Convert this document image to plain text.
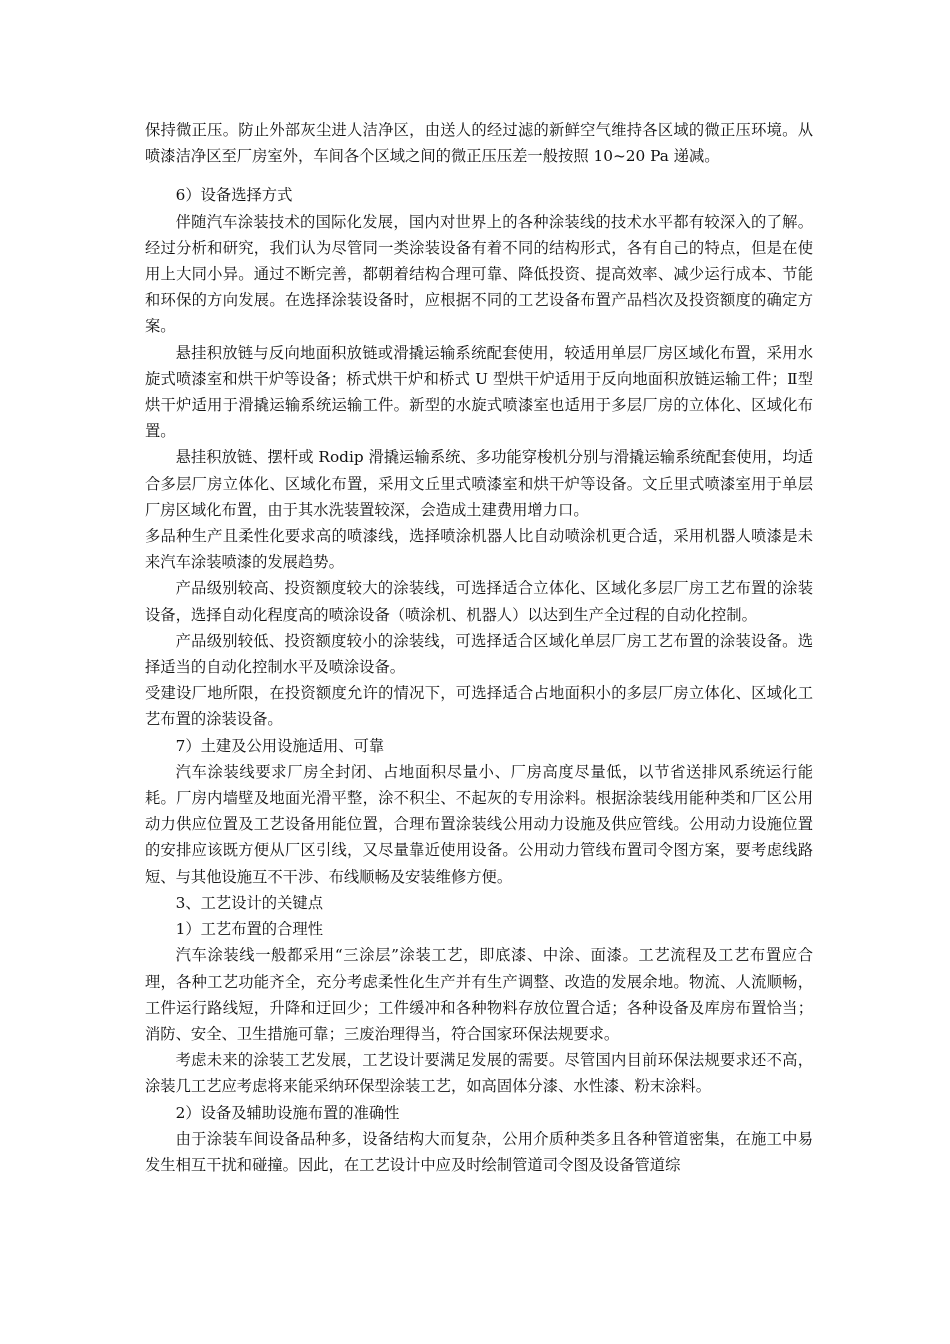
保持微正压。防止外部灰尘进人洁净区，由送人的经过滤的新鲜空气维持各区域的微正压环境。从喷漆洁净区至厂房室外，车间各个区域之间的微正压压差一般按照 10~20 Pa 递减。

6）设备选择方式

伴随汽车涂装技术的国际化发展，国内对世界上的各种涂装线的技术水平都有较深入的了解。经过分析和研究，我们认为尽管同一类涂装设备有着不同的结构形式，各有自己的特点，但是在使用上大同小异。通过不断完善，都朝着结构合理可靠、降低投资、提高效率、减少运行成本、节能和环保的方向发展。在选择涂装设备时，应根据不同的工艺设备布置产品档次及投资额度的确定方案。

悬挂积放链与反向地面积放链或滑撬运输系统配套使用，较适用单层厂房区域化布置，采用水旋式喷漆室和烘干炉等设备；桥式烘干炉和桥式 U 型烘干炉适用于反向地面积放链运输工件；Ⅱ型烘干炉适用于滑撬运输系统运输工件。新型的水旋式喷漆室也适用于多层厂房的立体化、区域化布置。

悬挂积放链、摆杆或 Rodip 滑撬运输系统、多功能穿梭机分别与滑撬运输系统配套使用，均适合多层厂房立体化、区域化布置，采用文丘里式喷漆室和烘干炉等设备。文丘里式喷漆室用于单层厂房区域化布置，由于其水洗装置较深，会造成土建费用增力口。

多品种生产且柔性化要求高的喷漆线，选择喷涂机器人比自动喷涂机更合适，采用机器人喷漆是未来汽车涂装喷漆的发展趋势。

产品级别较高、投资额度较大的涂装线，可选择适合立体化、区域化多层厂房工艺布置的涂装设备，选择自动化程度高的喷涂设备（喷涂机、机器人）以达到生产全过程的自动化控制。

产品级别较低、投资额度较小的涂装线，可选择适合区域化单层厂房工艺布置的涂装设备。选择适当的自动化控制水平及喷涂设备。

受建设厂地所限，在投资额度允许的情况下，可选择适合占地面积小的多层厂房立体化、区域化工艺布置的涂装设备。

7）土建及公用设施适用、可靠

汽车涂装线要求厂房全封闭、占地面积尽量小、厂房高度尽量低，以节省送排风系统运行能耗。厂房内墙壁及地面光滑平整，涂不积尘、不起灰的专用涂料。根据涂装线用能种类和厂区公用动力供应位置及工艺设备用能位置，合理布置涂装线公用动力设施及供应管线。公用动力设施位置的安排应该既方便从厂区引线，又尽量靠近使用设备。公用动力管线布置司令图方案，要考虑线路短、与其他设施互不干涉、布线顺畅及安装维修方便。

3、工艺设计的关键点

1）工艺布置的合理性

汽车涂装线一般都采用“三涂层”涂装工艺，即底漆、中涂、面漆。工艺流程及工艺布置应合理，各种工艺功能齐全，充分考虑柔性化生产并有生产调整、改造的发展余地。物流、人流顺畅，工件运行路线短，升降和迂回少；工件缓冲和各种物料存放位置合适；各种设备及库房布置恰当；消防、安全、卫生措施可靠；三废治理得当，符合国家环保法规要求。

考虑未来的涂装工艺发展，工艺设计要满足发展的需要。尽管国内目前环保法规要求还不高，涂装几工艺应考虑将来能采纳环保型涂装工艺，如高固体分漆、水性漆、粉末涂料。

2）设备及辅助设施布置的准确性

由于涂装车间设备品种多，设备结构大而复杂，公用介质种类多且各种管道密集，在施工中易发生相互干扰和碰撞。因此，在工艺设计中应及时绘制管道司令图及设备管道综
